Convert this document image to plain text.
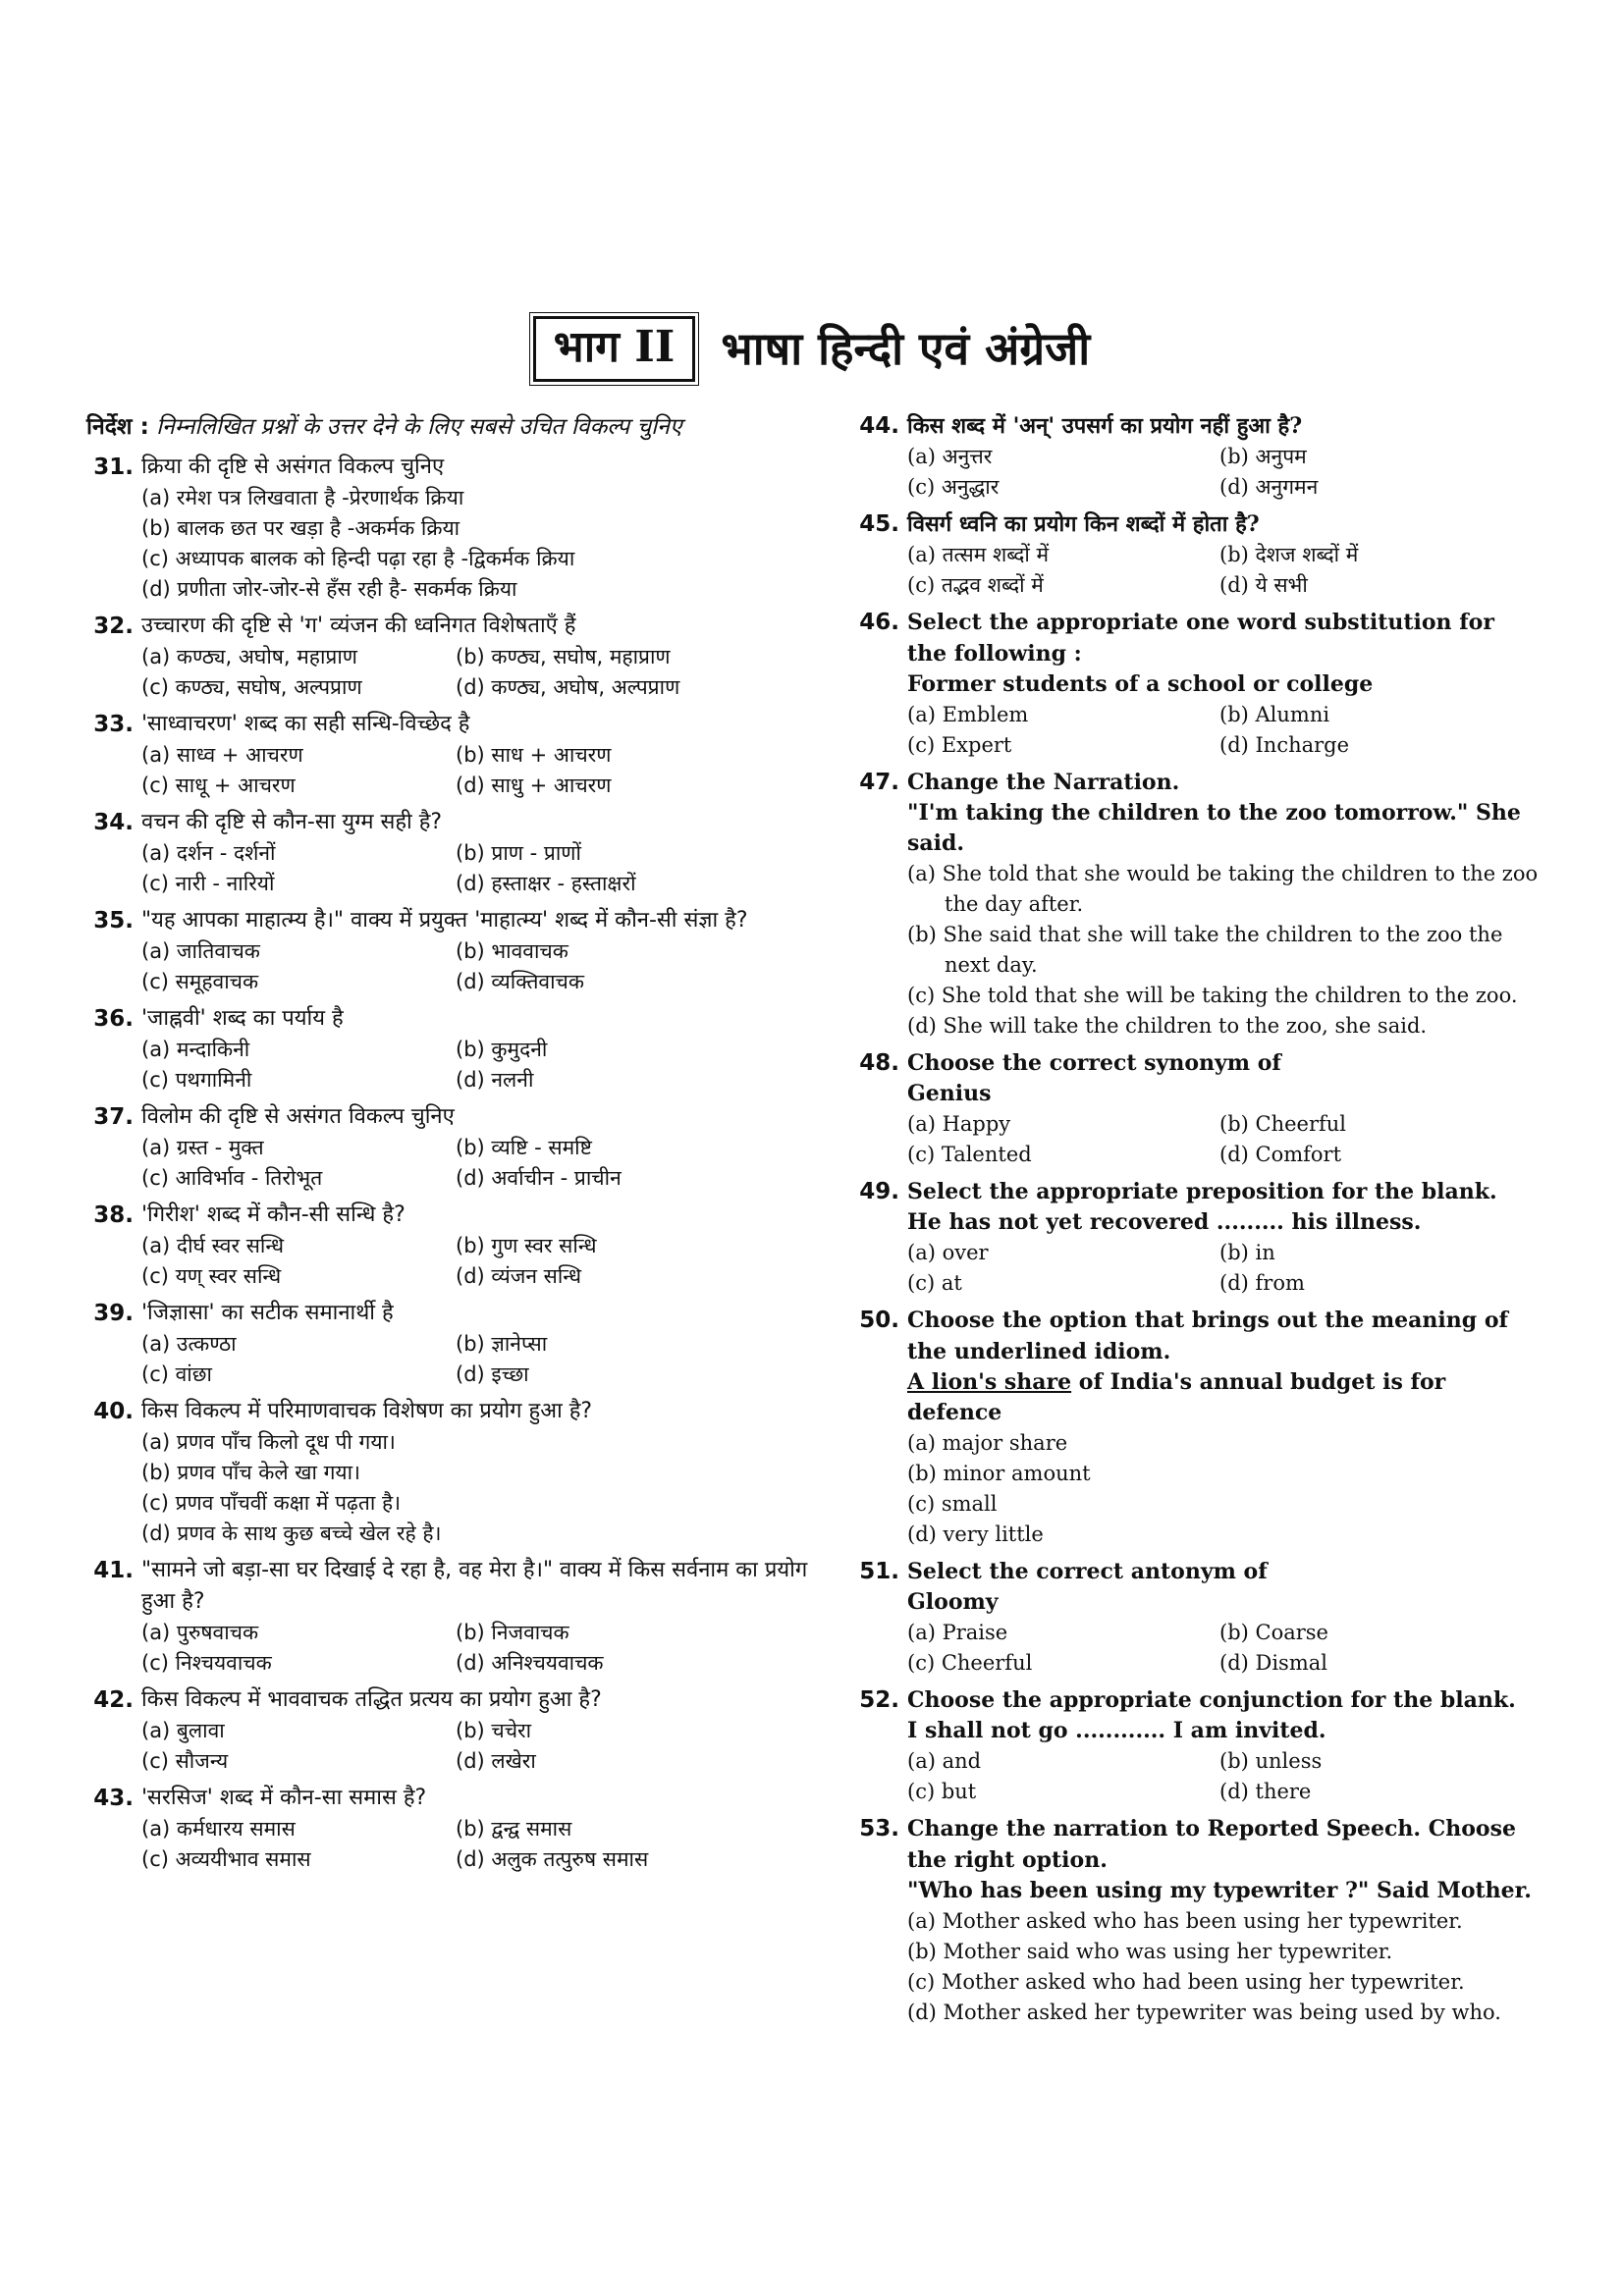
भाग II	भाषा हिन्दी एवं अंग्रेजी
निर्देश : निम्नलिखित प्रश्नों के उत्तर देने के लिए सबसे उचित विकल्प चुनिए
31. क्रिया की दृष्टि से असंगत विकल्प चुनिए
(a) रमेश पत्र लिखवाता है -प्रेरणार्थक क्रिया
(b) बालक छत पर खड़ा है -अकर्मक क्रिया
(c) अध्यापक बालक को हिन्दी पढ़ा रहा है -द्विकर्मक क्रिया
(d) प्रणीता जोर-जोर-से हँस रही है- सकर्मक क्रिया
32. उच्चारण की दृष्टि से 'ग' व्यंजन की ध्वनिगत विशेषताएँ हैं
(a) कण्ठ्य, अघोष, महाप्राण	(b) कण्ठ्य, सघोष, महाप्राण
(c) कण्ठ्य, सघोष, अल्पप्राण	(d) कण्ठ्य, अघोष, अल्पप्राण
33. 'साध्वाचरण' शब्द का सही सन्धि-विच्छेद है
(a) साध्व + आचरण	(b) साध + आचरण
(c) साधू + आचरण	(d) साधु + आचरण
34. वचन की दृष्टि से कौन-सा युग्म सही है?
(a) दर्शन - दर्शनों	(b) प्राण - प्राणों
(c) नारी - नारियों	(d) हस्ताक्षर - हस्ताक्षरों
35. "यह आपका माहात्म्य है।" वाक्य में प्रयुक्त 'माहात्म्य' शब्द में कौन-सी संज्ञा है?
(a) जातिवाचक	(b) भाववाचक
(c) समूहवाचक	(d) व्यक्तिवाचक
36. 'जाह्नवी' शब्द का पर्याय है
(a) मन्दाकिनी	(b) कुमुदनी
(c) पथगामिनी	(d) नलनी
37. विलोम की दृष्टि से असंगत विकल्प चुनिए
(a) ग्रस्त - मुक्त	(b) व्यष्टि - समष्टि
(c) आविर्भाव - तिरोभूत	(d) अर्वाचीन - प्राचीन
38. 'गिरीश' शब्द में कौन-सी सन्धि है?
(a) दीर्घ स्वर सन्धि	(b) गुण स्वर सन्धि
(c) यण् स्वर सन्धि	(d) व्यंजन सन्धि
39. 'जिज्ञासा' का सटीक समानार्थी है
(a) उत्कण्ठा	(b) ज्ञानेप्सा
(c) वांछा	(d) इच्छा
40. किस विकल्प में परिमाणवाचक विशेषण का प्रयोग हुआ है?
(a) प्रणव पाँच किलो दूध पी गया।
(b) प्रणव पाँच केले खा गया।
(c) प्रणव पाँचवीं कक्षा में पढ़ता है।
(d) प्रणव के साथ कुछ बच्चे खेल रहे है।
41. "सामने जो बड़ा-सा घर दिखाई दे रहा है, वह मेरा है।" वाक्य में किस सर्वनाम का प्रयोग हुआ है?
(a) पुरुषवाचक	(b) निजवाचक
(c) निश्चयवाचक	(d) अनिश्चयवाचक
42. किस विकल्प में भाववाचक तद्धित प्रत्यय का प्रयोग हुआ है?
(a) बुलावा	(b) चचेरा
(c) सौजन्य	(d) लखेरा
43. 'सरसिज' शब्द में कौन-सा समास है?
(a) कर्मधारय समास	(b) द्वन्द्व समास
(c) अव्ययीभाव समास	(d) अलुक तत्पुरुष समास
44. किस शब्द में 'अन्' उपसर्ग का प्रयोग नहीं हुआ है?
(a) अनुत्तर	(b) अनुपम
(c) अनुद्धार	(d) अनुगमन
45. विसर्ग ध्वनि का प्रयोग किन शब्दों में होता है?
(a) तत्सम शब्दों में	(b) देशज शब्दों में
(c) तद्भव शब्दों में	(d) ये सभी
46. Select the appropriate one word substitution for the following :
Former students of a school or college
(a) Emblem	(b) Alumni
(c) Expert	(d) Incharge
47. Change the Narration.
"I'm taking the children to the zoo tomorrow." She said.
(a) She told that she would be taking the children to the zoo the day after.
(b) She said that she will take the children to the zoo the next day.
(c) She told that she will be taking the children to the zoo.
(d) She will take the children to the zoo, she said.
48. Choose the correct synonym of
Genius
(a) Happy	(b) Cheerful
(c) Talented	(d) Comfort
49. Select the appropriate preposition for the blank.
He has not yet recovered ......... his illness.
(a) over	(b) in
(c) at	(d) from
50. Choose the option that brings out the meaning of the underlined idiom.
A lion's share of India's annual budget is for defence
(a) major share
(b) minor amount
(c) small
(d) very little
51. Select the correct antonym of
Gloomy
(a) Praise	(b) Coarse
(c) Cheerful	(d) Dismal
52. Choose the appropriate conjunction for the blank.
I shall not go ............ I am invited.
(a) and	(b) unless
(c) but	(d) there
53. Change the narration to Reported Speech. Choose the right option.
"Who has been using my typewriter ?" Said Mother.
(a) Mother asked who has been using her typewriter.
(b) Mother said who was using her typewriter.
(c) Mother asked who had been using her typewriter.
(d) Mother asked her typewriter was being used by who.
